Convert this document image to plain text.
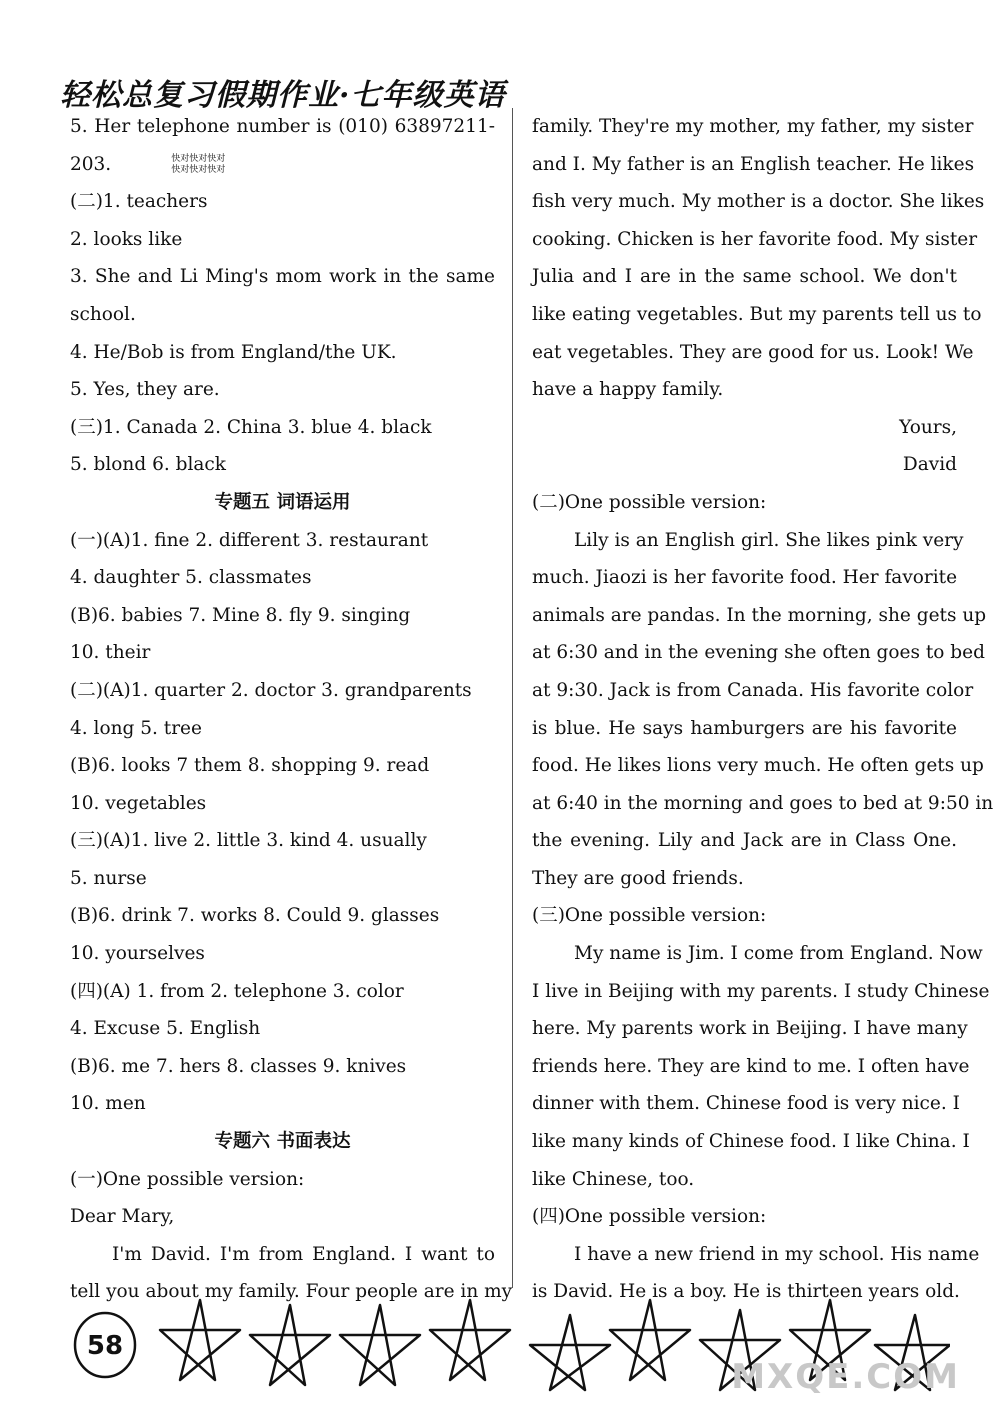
轻松总复习假期作业·七年级英语
5. Her telephone number is (010) 63897211-
203.	快对快对快对
快对快对快对
(二)1. teachers
2. looks like
3. She and Li Ming's mom work in the same
school.
4. He/Bob is from England/the UK.
5. Yes, they are.
(三)1. Canada 2. China 3. blue 4. black
5. blond 6. black
专题五 词语运用
(一)(A)1. fine 2. different 3. restaurant
4. daughter 5. classmates
(B)6. babies 7. Mine 8. fly 9. singing
10. their
(二)(A)1. quarter 2. doctor 3. grandparents
4. long 5. tree
(B)6. looks 7 them 8. shopping 9. read
10. vegetables
(三)(A)1. live 2. little 3. kind 4. usually
5. nurse
(B)6. drink 7. works 8. Could 9. glasses
10. yourselves
(四)(A) 1. from 2. telephone 3. color
4. Excuse 5. English
(B)6. me 7. hers 8. classes 9. knives
10. men
专题六 书面表达
(一)One possible version:
Dear Mary,
I'm David. I'm from England. I want to
tell you about my family. Four people are in my
family. They're my mother, my father, my sister
and I. My father is an English teacher. He likes
fish very much. My mother is a doctor. She likes
cooking. Chicken is her favorite food. My sister
Julia and I are in the same school. We don't
like eating vegetables. But my parents tell us to
eat vegetables. They are good for us. Look! We
have a happy family.
Yours,
David
(二)One possible version:
Lily is an English girl. She likes pink very
much. Jiaozi is her favorite food. Her favorite
animals are pandas. In the morning, she gets up
at 6:30 and in the evening she often goes to bed
at 9:30. Jack is from Canada. His favorite color
is blue. He says hamburgers are his favorite
food. He likes lions very much. He often gets up
at 6:40 in the morning and goes to bed at 9:50 in
the evening. Lily and Jack are in Class One.
They are good friends.
(三)One possible version:
My name is Jim. I come from England. Now
I live in Beijing with my parents. I study Chinese
here. My parents work in Beijing. I have many
friends here. They are kind to me. I often have
dinner with them. Chinese food is very nice. I
like many kinds of Chinese food. I like China. I
like Chinese, too.
(四)One possible version:
I have a new friend in my school. His name
is David. He is a boy. He is thirteen years old.
58
MXQE.COM
